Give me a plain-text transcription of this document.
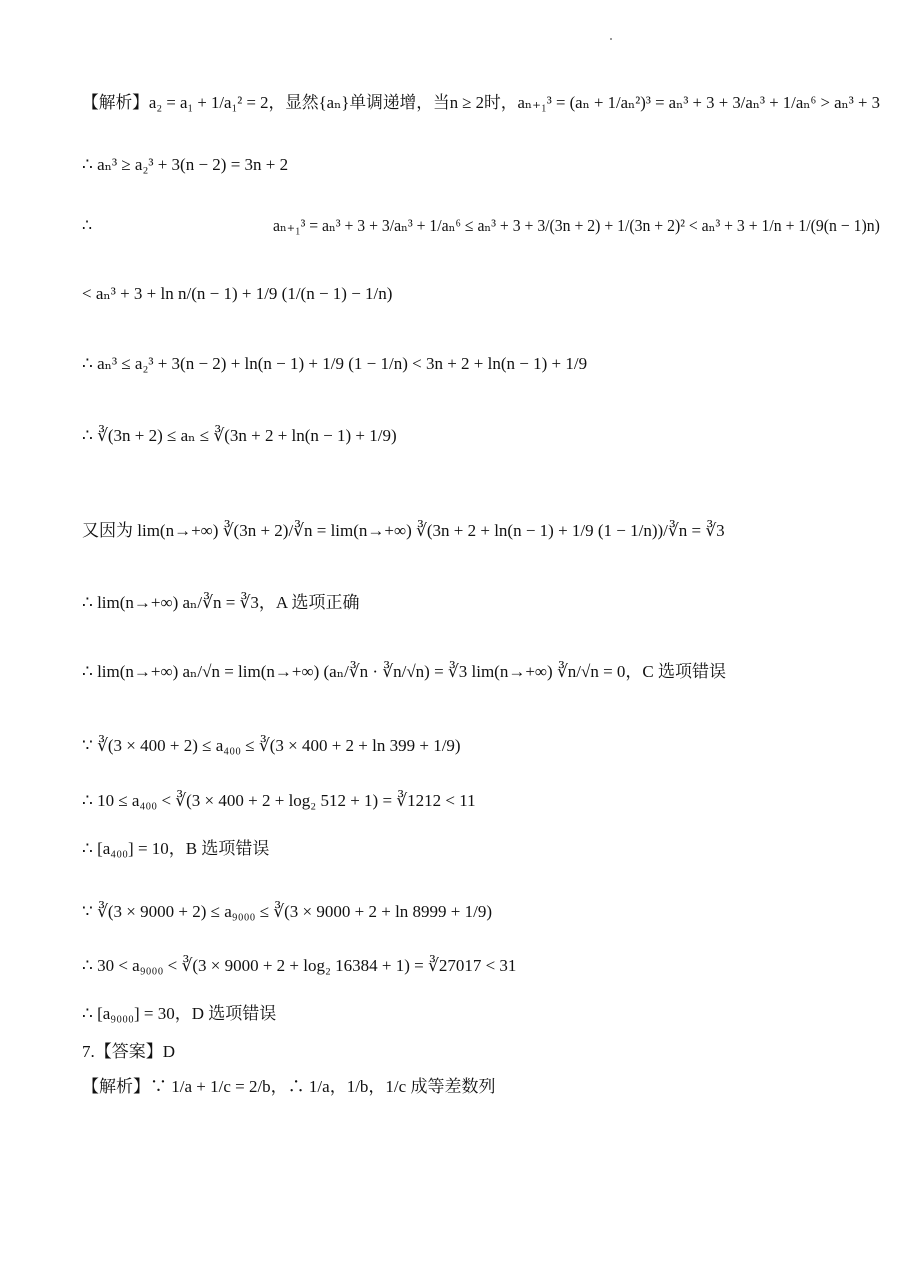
【解析】a₂ = a₁ + 1/a₁² = 2，显然{aₙ}单调递增，当n ≥ 2时，aₙ₊₁³ = (aₙ + 1/aₙ²)³ = aₙ³ + 3 + 3/aₙ³ + 1/aₙ⁶ > aₙ³ + 3
∴ aₙ³ ≥ a₂³ + 3(n − 2) = 3n + 2
∴                                              aₙ₊₁³ = aₙ³ + 3 + 3/aₙ³ + 1/aₙ⁶ ≤ aₙ³ + 3 + 3/(3n + 2) + 1/(3n + 2)² < aₙ³ + 3 + 1/n + 1/(9(n − 1)n)
< aₙ³ + 3 + ln n/(n − 1) + 1/9 (1/(n − 1) − 1/n)
∴ aₙ³ ≤ a₂³ + 3(n − 2) + ln(n − 1) + 1/9 (1 − 1/n) < 3n + 2 + ln(n − 1) + 1/9
∴ ∛(3n + 2) ≤ aₙ ≤ ∛(3n + 2 + ln(n − 1) + 1/9)
又因为 lim(n→+∞) ∛(3n + 2)/∛n = lim(n→+∞) ∛(3n + 2 + ln(n − 1) + 1/9 (1 − 1/n))/∛n = ∛3
∴ lim(n→+∞) aₙ/∛n = ∛3，A 选项正确
∴ lim(n→+∞) aₙ/√n = lim(n→+∞) (aₙ/∛n · ∛n/√n) = ∛3 lim(n→+∞) ∛n/√n = 0，C 选项错误
∵ ∛(3 × 400 + 2) ≤ a₄₀₀ ≤ ∛(3 × 400 + 2 + ln 399 + 1/9)
∴ 10 ≤ a₄₀₀ < ∛(3 × 400 + 2 + log₂ 512 + 1) = ∛1212 < 11
∴ [a₄₀₀] = 10，B 选项错误
∵ ∛(3 × 9000 + 2) ≤ a₉₀₀₀ ≤ ∛(3 × 9000 + 2 + ln 8999 + 1/9)
∴ 30 < a₉₀₀₀ < ∛(3 × 9000 + 2 + log₂ 16384 + 1) = ∛27017 < 31
∴ [a₉₀₀₀] = 30，D 选项错误
7.【答案】D
【解析】∵ 1/a + 1/c = 2/b，∴ 1/a，1/b，1/c 成等差数列
